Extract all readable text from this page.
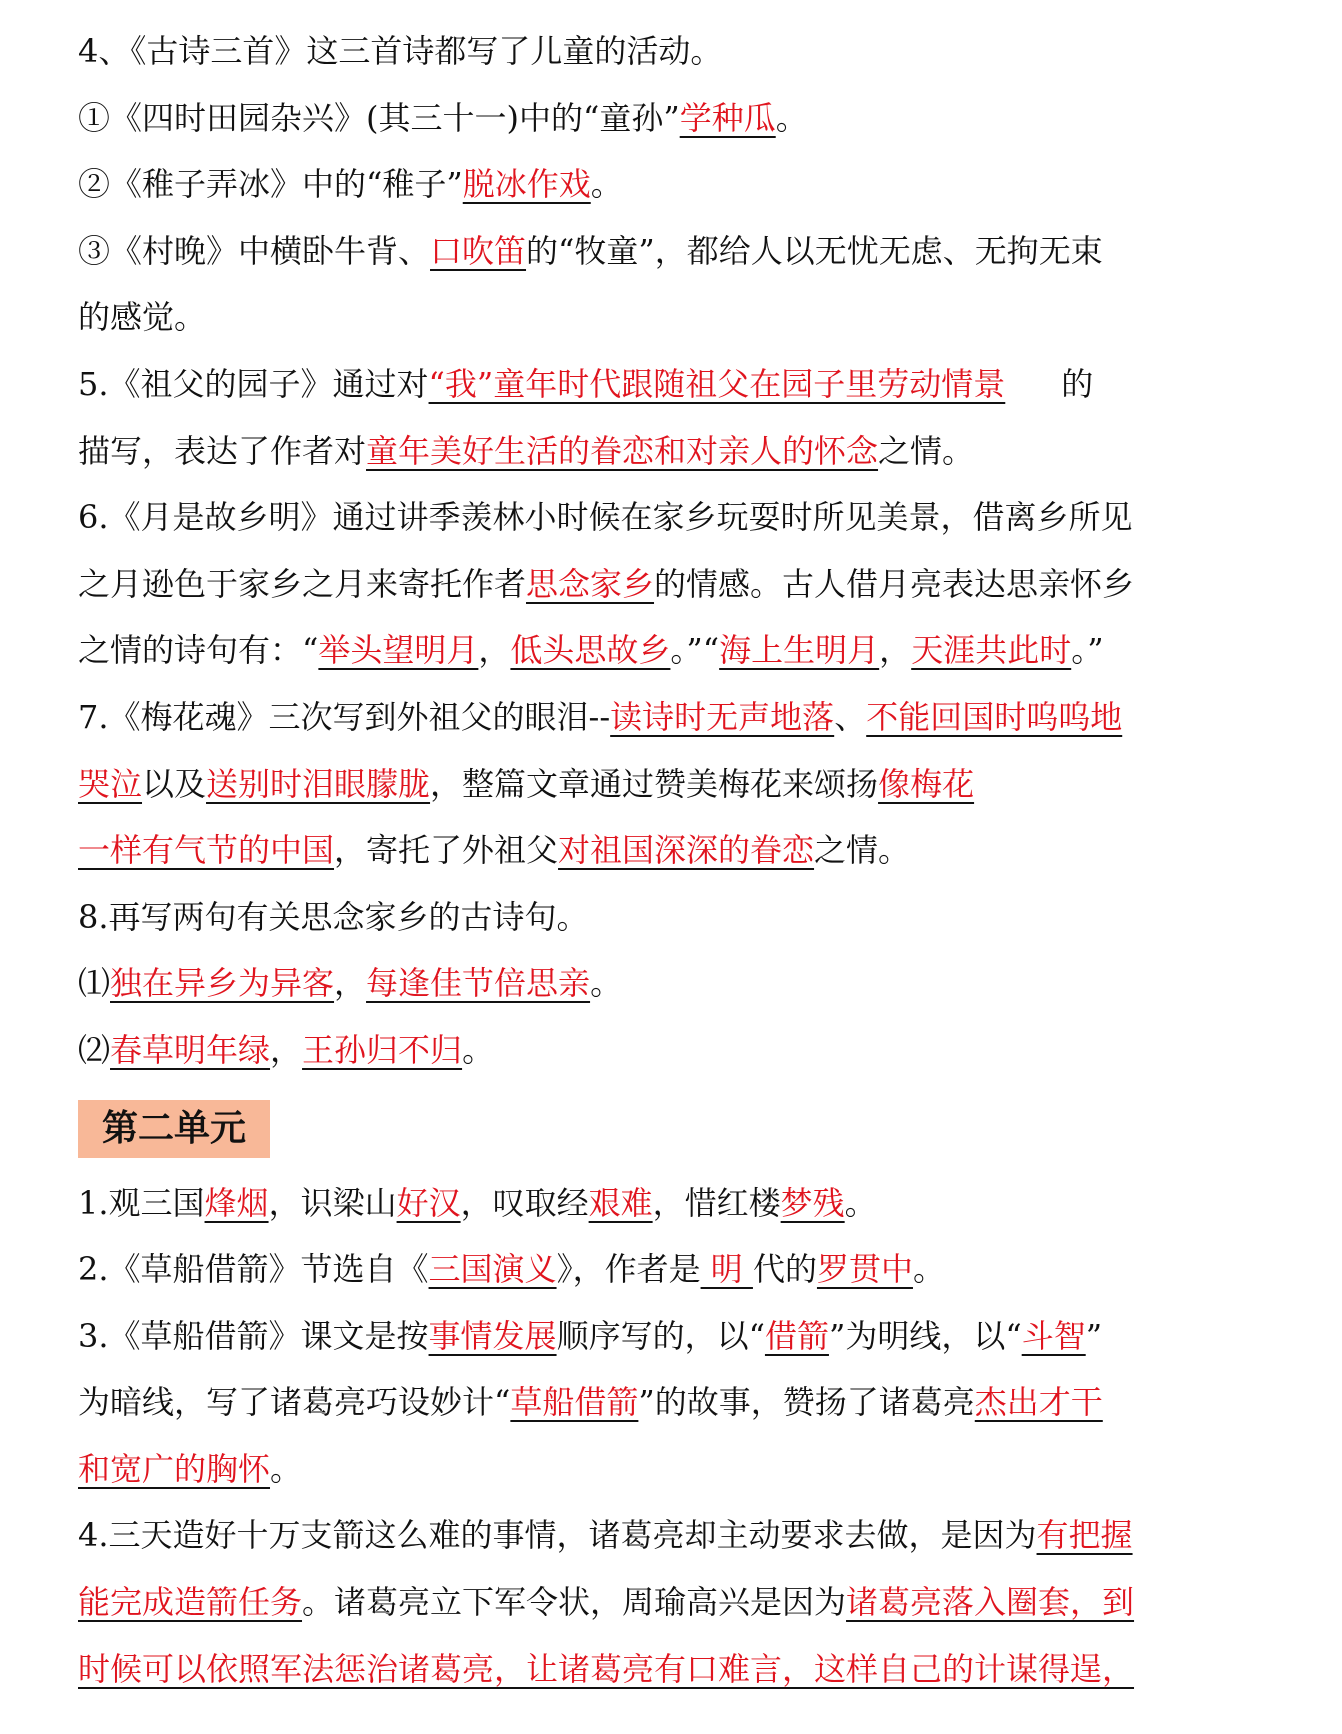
4、《古诗三首》这三首诗都写了儿童的活动。
①《四时田园杂兴》(其三十一)中的“童孙”学种瓜。
②《稚子弄冰》中的“稚子”脱冰作戏。
③《村晚》中横卧牛背、口吹笛的“牧童”，都给人以无忧无虑、无拘无束
的感觉。
5.《祖父的园子》通过对“我”童年时代跟随祖父在园子里劳动情景 的
描写，表达了作者对童年美好生活的眷恋和对亲人的怀念之情。
6.《月是故乡明》通过讲季羡林小时候在家乡玩耍时所见美景，借离乡所见
之月逊色于家乡之月来寄托作者思念家乡的情感。古人借月亮表达思亲怀乡
之情的诗句有：“举头望明月，低头思故乡。”“海上生明月，天涯共此时。”
7.《梅花魂》三次写到外祖父的眼泪--读诗时无声地落、不能回国时呜呜地
哭泣以及送别时泪眼朦胧，整篇文章通过赞美梅花来颂扬像梅花
一样有气节的中国，寄托了外祖父对祖国深深的眷恋之情。
8.再写两句有关思念家乡的古诗句。
⑴独在异乡为异客，每逢佳节倍思亲。
⑵春草明年绿，王孙归不归。
第二单元
1.观三国烽烟，识梁山好汉，叹取经艰难，惜红楼梦残。
2.《草船借箭》节选自《三国演义》，作者是 明 代的罗贯中。
3.《草船借箭》课文是按事情发展顺序写的，以“借箭”为明线，以“斗智”
为暗线，写了诸葛亮巧设妙计“草船借箭”的故事，赞扬了诸葛亮杰出才干
和宽广的胸怀。
4.三天造好十万支箭这么难的事情，诸葛亮却主动要求去做，是因为有把握
能完成造箭任务。诸葛亮立下军令状，周瑜高兴是因为诸葛亮落入圈套，到
时候可以依照军法惩治诸葛亮，让诸葛亮有口难言，这样自己的计谋得逞，
